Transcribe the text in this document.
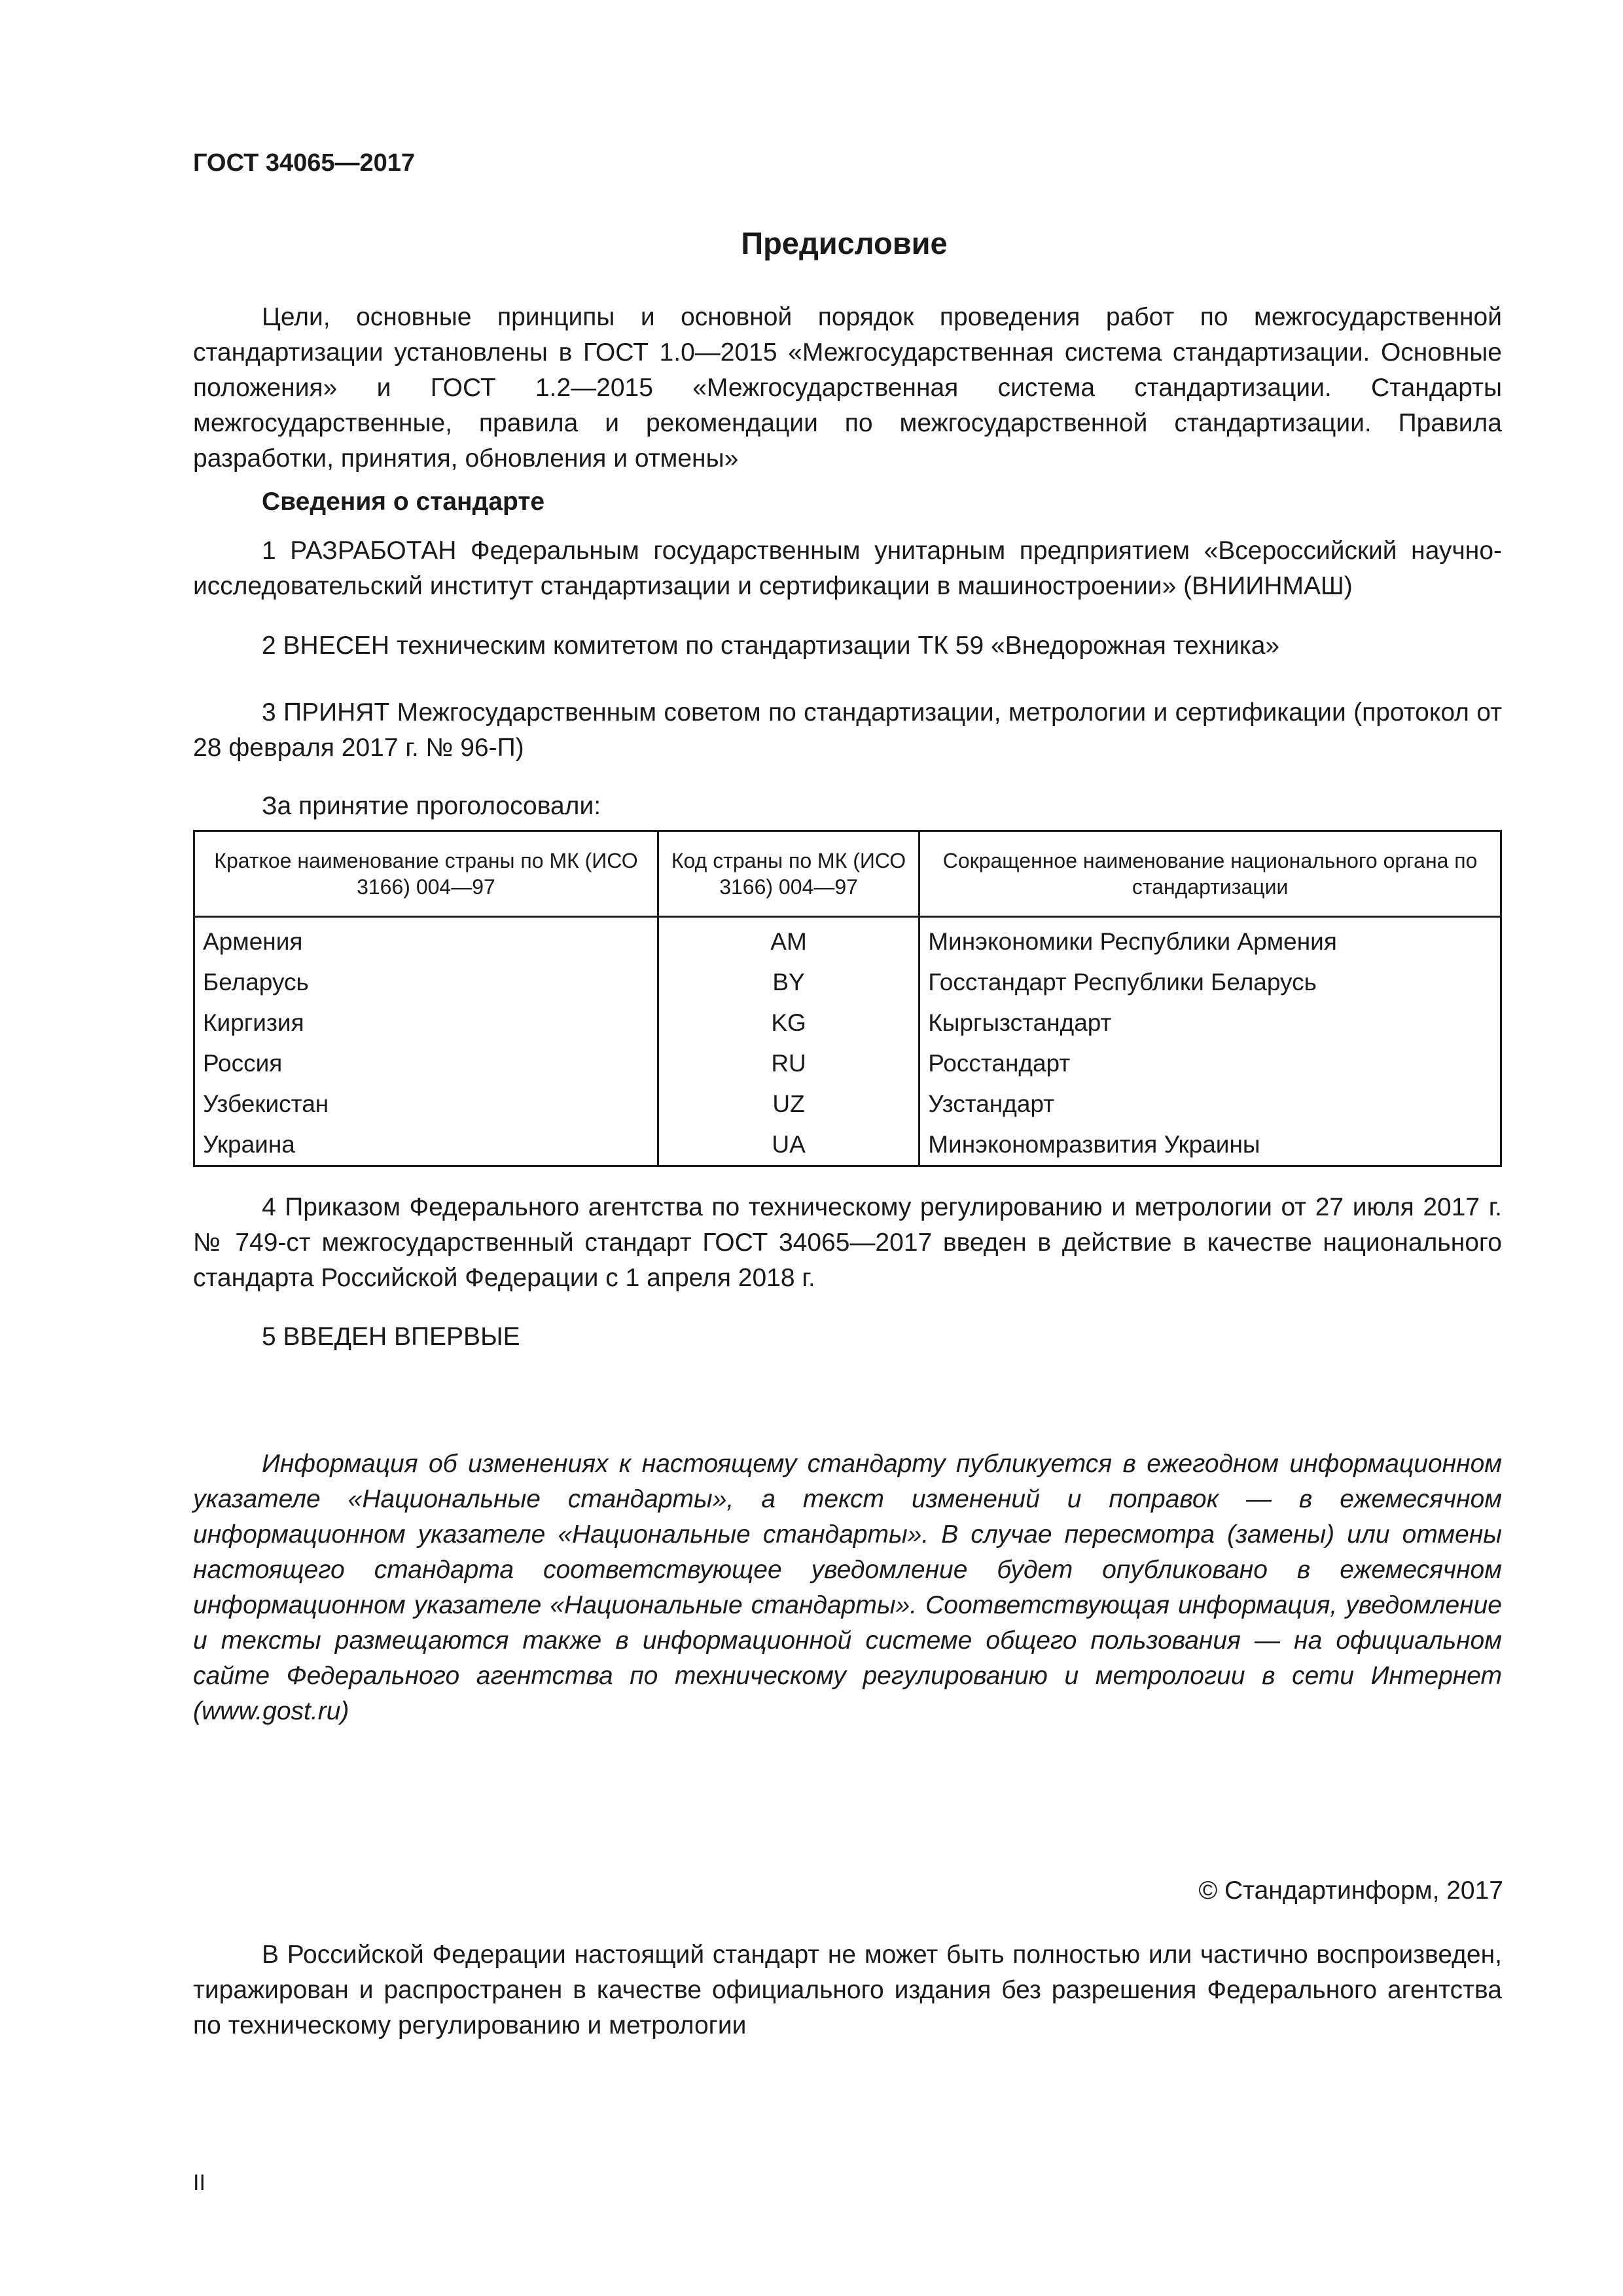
ГОСТ 34065—2017
Предисловие

Цели, основные принципы и основной порядок проведения работ по межгосударственной стандартизации установлены в ГОСТ 1.0—2015 «Межгосударственная система стандартизации. Основные положения» и ГОСТ 1.2—2015 «Межгосударственная система стандартизации. Стандарты межгосударственные, правила и рекомендации по межгосударственной стандартизации. Правила разработки, принятия, обновления и отмены»

Сведения о стандарте

1 РАЗРАБОТАН Федеральным государственным унитарным предприятием «Всероссийский научно-исследовательский институт стандартизации и сертификации в машиностроении» (ВНИИНМАШ)

2 ВНЕСЕН техническим комитетом по стандартизации ТК 59 «Внедорожная техника»

3 ПРИНЯТ Межгосударственным советом по стандартизации, метрологии и сертификации (протокол от 28 февраля 2017 г. № 96-П)

За принятие проголосовали:

Краткое наименование страны по МК (ИСО 3166) 004—97	Код страны по МК (ИСО 3166) 004—97	Сокращенное наименование национального органа по стандартизации
Армения	AM	Минэкономики Республики Армения
Беларусь	BY	Госстандарт Республики Беларусь
Киргизия	KG	Кыргызстандарт
Россия	RU	Росстандарт
Узбекистан	UZ	Узстандарт
Украина	UA	Минэкономразвития Украины

4 Приказом Федерального агентства по техническому регулированию и метрологии от 27 июля 2017 г. № 749-ст межгосударственный стандарт ГОСТ 34065—2017 введен в действие в качестве национального стандарта Российской Федерации с 1 апреля 2018 г.

5 ВВЕДЕН ВПЕРВЫЕ

Информация об изменениях к настоящему стандарту публикуется в ежегодном информационном указателе «Национальные стандарты», а текст изменений и поправок — в ежемесячном информационном указателе «Национальные стандарты». В случае пересмотра (замены) или отмены настоящего стандарта соответствующее уведомление будет опубликовано в ежемесячном информационном указателе «Национальные стандарты». Соответствующая информация, уведомление и тексты размещаются также в информационной системе общего пользования — на официальном сайте Федерального агентства по техническому регулированию и метрологии в сети Интернет (www.gost.ru)

© Стандартинформ, 2017

В Российской Федерации настоящий стандарт не может быть полностью или частично воспроизведен, тиражирован и распространен в качестве официального издания без разрешения Федерального агентства по техническому регулированию и метрологии

II
